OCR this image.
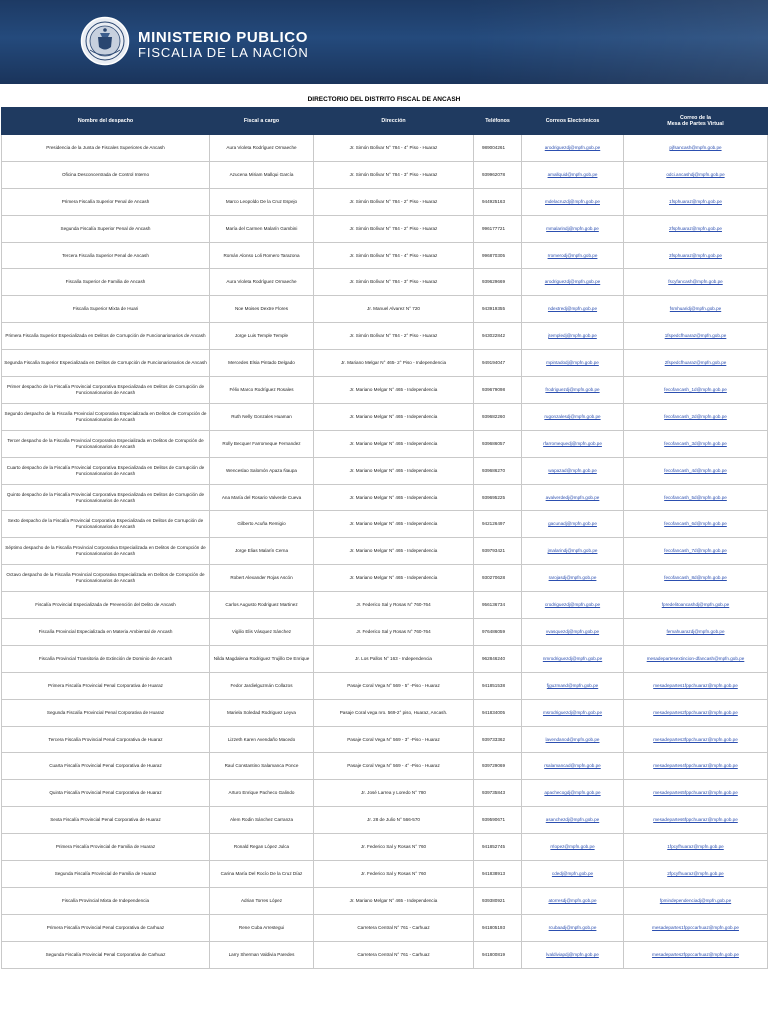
MINISTERIO PUBLICO
FISCALIA DE LA NACIÓN
DIRECTORIO DEL DISTRITO FISCAL DE ANCASH
Nombre del despacho	Fiscal a cargo	Dirección	Teléfonos	Correos Electrónicos	Correo de la
Mesa de Partes Virtual
Presidencia de la Junta de Fiscales Superiores de Ancash	Aura Violeta Rodríguez Ormaeche	Jr. Simón Bolívar N° 784 - 4° Piso - Huaraz	989004261	arodriguezdj@mpfn.gob.pe	pjfsancash@mpfn.gob.pe
Oficina Desconcentrada de Control Interno	Azucena Miriam Mallqui García	Jr. Simón Bolívar N° 784 - 3° Piso - Huaraz	939962078	amallquid@mpfn.gob.pe	odci.ancashdj@mpfn.gob.pe
Primera Fiscalía Superior Penal de Ancash	Marco Leopoldo De la Cruz Espejo	Jr. Simón Bolívar N° 784 - 2° Piso - Huaraz	944925163	mdelacruzdj@mpfn.gob.pe	1fsphuaraz@mpfn.gob.pe
Segunda Fiscalía Superior Penal de Ancash	María del Carmen Malarín Gambini	Jr. Simón Bolívar N° 784 - 2° Piso - Huaraz	996177721	mmalarindj@mpfn.gob.pe	2fsphuaraz@mpfn.gob.pe
Tercera Fiscalía Superior Penal de Ancash	Román Alonso Loli Romero Tarazona	Jr. Simón Bolívar N° 784 - 4° Piso - Huaraz	996870305	rromerodj@mpfn.gob.pe	3fsphuaraz@mpfn.gob.pe
Fiscalía Superior de Familia de Ancash	Aura Violeta Rodríguez Ormaeche	Jr. Simón Bolívar N° 784 - 3° Piso - Huaraz	939629669	arodriguezdj@mpfn.gob.pe	fscyfancash@mpfn.gob.pe
Fiscalía Superior Mixta de Huari	Noe Moises Dextre Flores	Jr. Manuel Alvarez N° 720	943919355	ndextredj@mpfn.gob.pe	fsmhuaridj@mpfn.gob.pe
Primera Fiscalía Superior Especializada en Delitos de Corrupción de Funcionarionarios de Ancash	Jorge Luis Temple Temple	Jr. Simón Bolívar N° 784 - 2° Piso - Huaraz	943022842	jtempledj@mpfn.gob.pe	1fspedcfhuaraz@mpfn.gob.pe
Segunda Fiscalía Superior Especializada en Delitos de Corrupción de Funcionarionarios de Ancash	Mercedes Elsia Pintado Delgado	Jr. Mariano Melgar N° 465- 2° Piso - Independencia	949194047	mpintadodj@mpfn.gob.pe	2fspedcfhuaraz@mpfn.gob.pe
Primer despacho de la Fiscalía Provincial Corporativa Especializada en Delitos de Corrupción de Funcionarionarios de Ancash	Félix Marco Rodríguez Rosales	Jr. Mariano Melgar N° 465 - Independencia	939679098	frodriguezdj@mpfn.gob.pe	fecofancash_1d@mpfn.gob.pe
Segundo despacho de la Fiscalía Provincial Corporativa Especializada en Delitos de Corrupción de Funcionarionarios de Ancash	Ruth Nelly Gonzales Huaman	Jr. Mariano Melgar N° 465 - Independencia	939682260	rugonzalesdj@mpfn.gob.pe	fecofancash_2d@mpfn.gob.pe
Tercer despacho de la Fiscalía Provincial Corporativa Especializada en Delitos de Corrupción de Funcionarionarios de Ancash	Rolly Becquer Farromeque Fernandez	Jr. Mariano Melgar N° 465 - Independencia	939686057	rfarromequedj@mpfn.gob.pe	fecofancash_3d@mpfn.gob.pe
Cuarto despacho de la Fiscalía Provincial Corporativa Especializada en Delitos de Corrupción de Funcionarionarios de Ancash	Wenceslao Salomón Apaza Ñaupa	Jr. Mariano Melgar N° 465 - Independencia	939686270	wapazad@mpfn.gob.pe	fecofancash_4d@mpfn.gob.pe
Quinto despacho de la Fiscalía Provincial Corporativa Especializada en Delitos de Corrupción de Funcionarionarios de Ancash	Ana María del Rosario Valverde Cueva	Jr. Mariano Melgar N° 465 - Independencia	939695225	avalverdedj@mpfn.gob.pe	fecofancash_5d@mpfn.gob.pe
Sexto despacho de la Fiscalía Provincial Corporativa Especializada en Delitos de Corrupción de Funcionarionarios de Ancash	Gilberto Acuña Remigio	Jr. Mariano Melgar N° 465 - Independencia	942126497	gacunadj@mpfn.gob.pe	fecofancash_6d@mpfn.gob.pe
Séptimo despacho de la Fiscalía Provincial Corporativa Especializada en Delitos de Corrupción de Funcionarionarios de Ancash	Jorge Elias Malarín Cerna	Jr. Mariano Melgar N° 465 - Independencia	939793421	jmalarindj@mpfn.gob.pe	fecofancash_7d@mpfn.gob.pe
Octavo despacho de la Fiscalía Provincial Corporativa Especializada en Delitos de Corrupción de Funcionarionarios de Ancash	Robert Alexander Rojas Ascón	Jr. Mariano Melgar N° 465 - Independencia	930270628	rarojasdj@mpfn.gob.pe	fecofancash_8d@mpfn.gob.pe
Fiscalía Provincial Especializada de Prevención del Delito de Ancash	Carlos Augusto Rodriguez Martinez	Jr. Federico Sal y Rosas N° 760-764	956136734	crodriguezdj@mpfn.gob.pe	fpredelitoancashdj@mpfn.gob.pe
Fiscalía Provincial Especializada en Materia Ambiental de Ancash	Vigilio Elis Vásquez Sánchez	Jr. Federico Sal y Rosas N° 760-764	976486059	vvasquezdj@mpfn.gob.pe	femahuarazdj@mpfn.gob.pe
Fiscalía Provincial Transitoria de Extinción de Dominio de Ancash	Nilda Magdalena Rodriguez Trujillo De Enrique	Jr. Los Pallos N° 163 - Independencia	962846240	nmrodriguezdj@mpfn.gob.pe	mesadepartesextincion-dfancash@mpfn.gob.pe
Primera Fiscalía Provincial Penal Corporativa de Huaraz	Fedor Jardielguzmán Collazos	Pasaje Coral Vega N° 569 - 5° -Piso - Huaraz	941851538	fjguzmand@mpfn.gob.pe	mesadepartes1fppchuaraz@mpfn.gob.pe
Segunda Fiscalía Provincial Penal Corporativa de Huaraz	Mariela Soledad Rodriguez Leyva	Pasaje Coral vega nro. 569-2° piso, Huaraz, Ancash.	941834005	msrodriguezdj@mpfn.gob.pe	mesadepartes2fppchuaraz@mpfn.gob.pe
Tercera Fiscalía Provincial Penal Corporativa de Huaraz	Lizzeth Karen Avendaño Macedo	Pasaje Coral Vega N° 569 - 3° -Piso - Huaraz	939733362	lavendanod@mpfn.gob.pe	mesadepartes3fppchuaraz@mpfn.gob.pe
Cuarta Fiscalía Provincial Penal Corporativa de Huaraz	Raul Constantino Salamanca Ponce	Pasaje Coral Vega N° 569 - 4° -Piso - Huaraz	939729069	rsalamancad@mpfn.gob.pe	mesadepartes4fppchuaraz@mpfn.gob.pe
Quinta Fiscalía Provincial Penal Corporativa de Huaraz	Arturo Enrique Pacheco Galindo	Jr. José Larrea y Loredo N° 780	939735843	apachecogdj@mpfn.gob.pe	mesadepartes5fppchuaraz@mpfn.gob.pe
Sexta Fiscalía Provincial Penal Corporativa de Huaraz	Alem Rodin Sánchez Carranza	Jr. 28 de Julio N° 566-570	939590671	asanchezdj@mpfn.gob.pe	mesadepartes6fppchuaraz@mpfn.gob.pe
Primera Fiscalía Provincial de Familia de Huaraz	Ronald Regan López Julca	Jr. Federico Sal y Rosas N° 760	941852745	rrlopez@mpfn.gob.pe	1fpcyfhuaraz@mpfn.gob.pe
Segunda Fiscalía Provincial de Familia de Huaraz	Carina María Del Rocío De la Cruz Díaz	Jr. Federico Sal y Rosas N° 760	941838913	cdedj@mpfn.gob.pe	2fpcyfhuaraz@mpfn.gob.pe
Fiscalía Provincial Mixta de Independencia	Adrian Torres López	Jr. Mariano Melgar N° 465 - Independencia	939380921	atorresdj@mpfn.gob.pe	fpmindependenciadj@mpfn.gob.pe
Primera Fiscalía Provincial Penal Corporativa de Carhuaz	Rene Cuba Arrestegui	Carretera Central N° 761 - Carhuaz	941805193	rcubaadj@mpfn.gob.pe	mesadepartes1fppccarhuaz@mpfn.gob.pe
Segunda Fiscalía Provincial Penal Corporativa de Carhuaz	Larry Sherman Valdivia Paredes	Carretera Central N° 761 - Carhuaz	941800819	lvaldiviapdj@mpfn.gob.pe	mesadepartes2fppccarhuaz@mpfn.gob.pe
